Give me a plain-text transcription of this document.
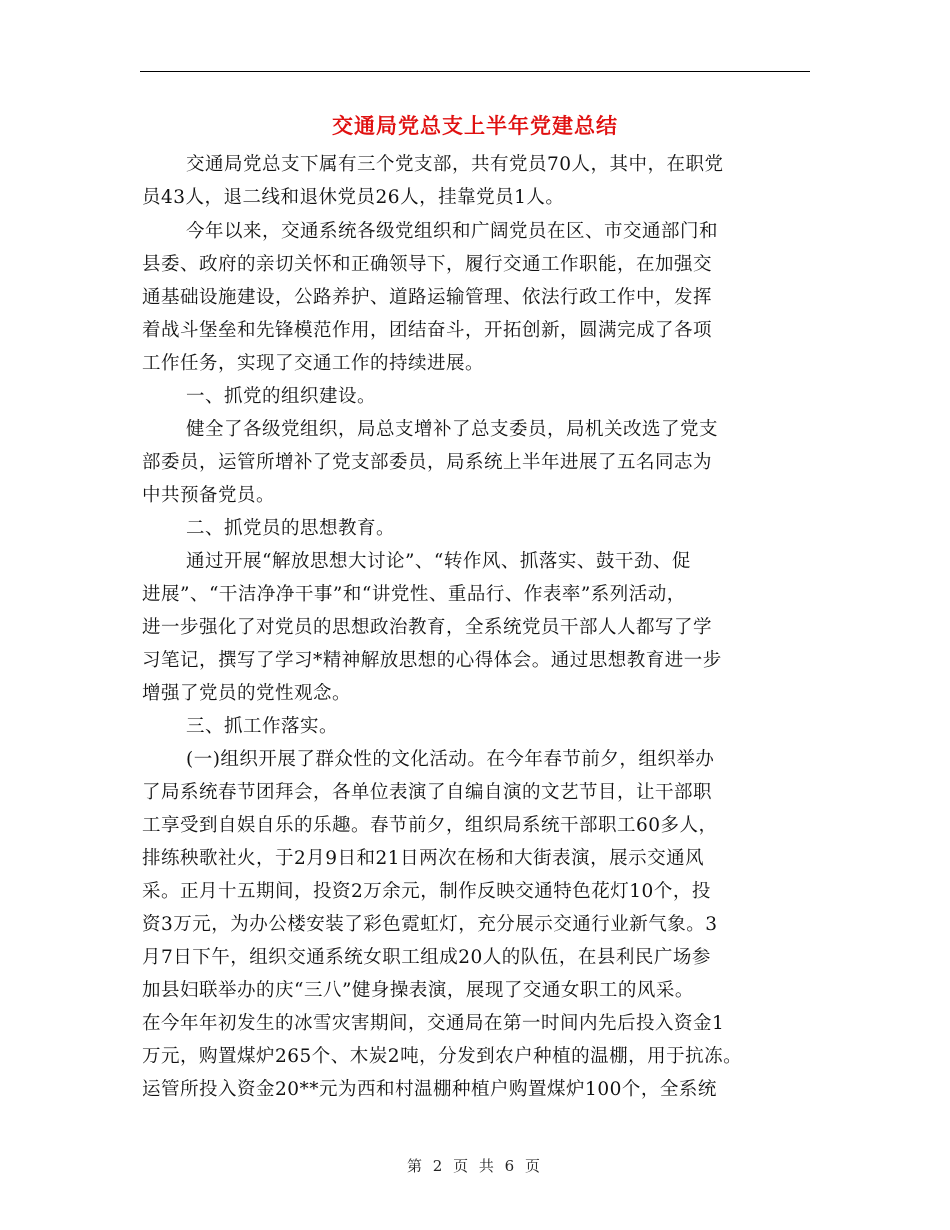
交通局党总支上半年党建总结
交通局党总支下属有三个党支部，共有党员70人，其中，在职党
员43人，退二线和退休党员26人，挂靠党员1人。
今年以来，交通系统各级党组织和广阔党员在区、市交通部门和
县委、政府的亲切关怀和正确领导下，履行交通工作职能，在加强交
通基础设施建设，公路养护、道路运输管理、依法行政工作中，发挥
着战斗堡垒和先锋模范作用，团结奋斗，开拓创新，圆满完成了各项
工作任务，实现了交通工作的持续进展。
一、抓党的组织建设。
健全了各级党组织，局总支增补了总支委员，局机关改选了党支
部委员，运管所增补了党支部委员，局系统上半年进展了五名同志为
中共预备党员。
二、抓党员的思想教育。
通过开展“解放思想大讨论”、“转作风、抓落实、鼓干劲、促
进展”、“干洁净净干事”和“讲党性、重品行、作表率”系列活动，
进一步强化了对党员的思想政治教育，全系统党员干部人人都写了学
习笔记，撰写了学习*精神解放思想的心得体会。通过思想教育进一步
增强了党员的党性观念。
三、抓工作落实。
(一)组织开展了群众性的文化活动。在今年春节前夕，组织举办
了局系统春节团拜会，各单位表演了自编自演的文艺节目，让干部职
工享受到自娱自乐的乐趣。春节前夕，组织局系统干部职工60多人，
排练秧歌社火，于2月9日和21日两次在杨和大街表演，展示交通风
采。正月十五期间，投资2万余元，制作反映交通特色花灯10个，投
资3万元，为办公楼安装了彩色霓虹灯，充分展示交通行业新气象。3
月7日下午，组织交通系统女职工组成20人的队伍，在县利民广场参
加县妇联举办的庆“三八”健身操表演，展现了交通女职工的风采。
在今年年初发生的冰雪灾害期间，交通局在第一时间内先后投入资金1
万元，购置煤炉265个、木炭2吨，分发到农户种植的温棚，用于抗冻。
运管所投入资金20**元为西和村温棚种植户购置煤炉100个，全系统
第 2 页 共 6 页
